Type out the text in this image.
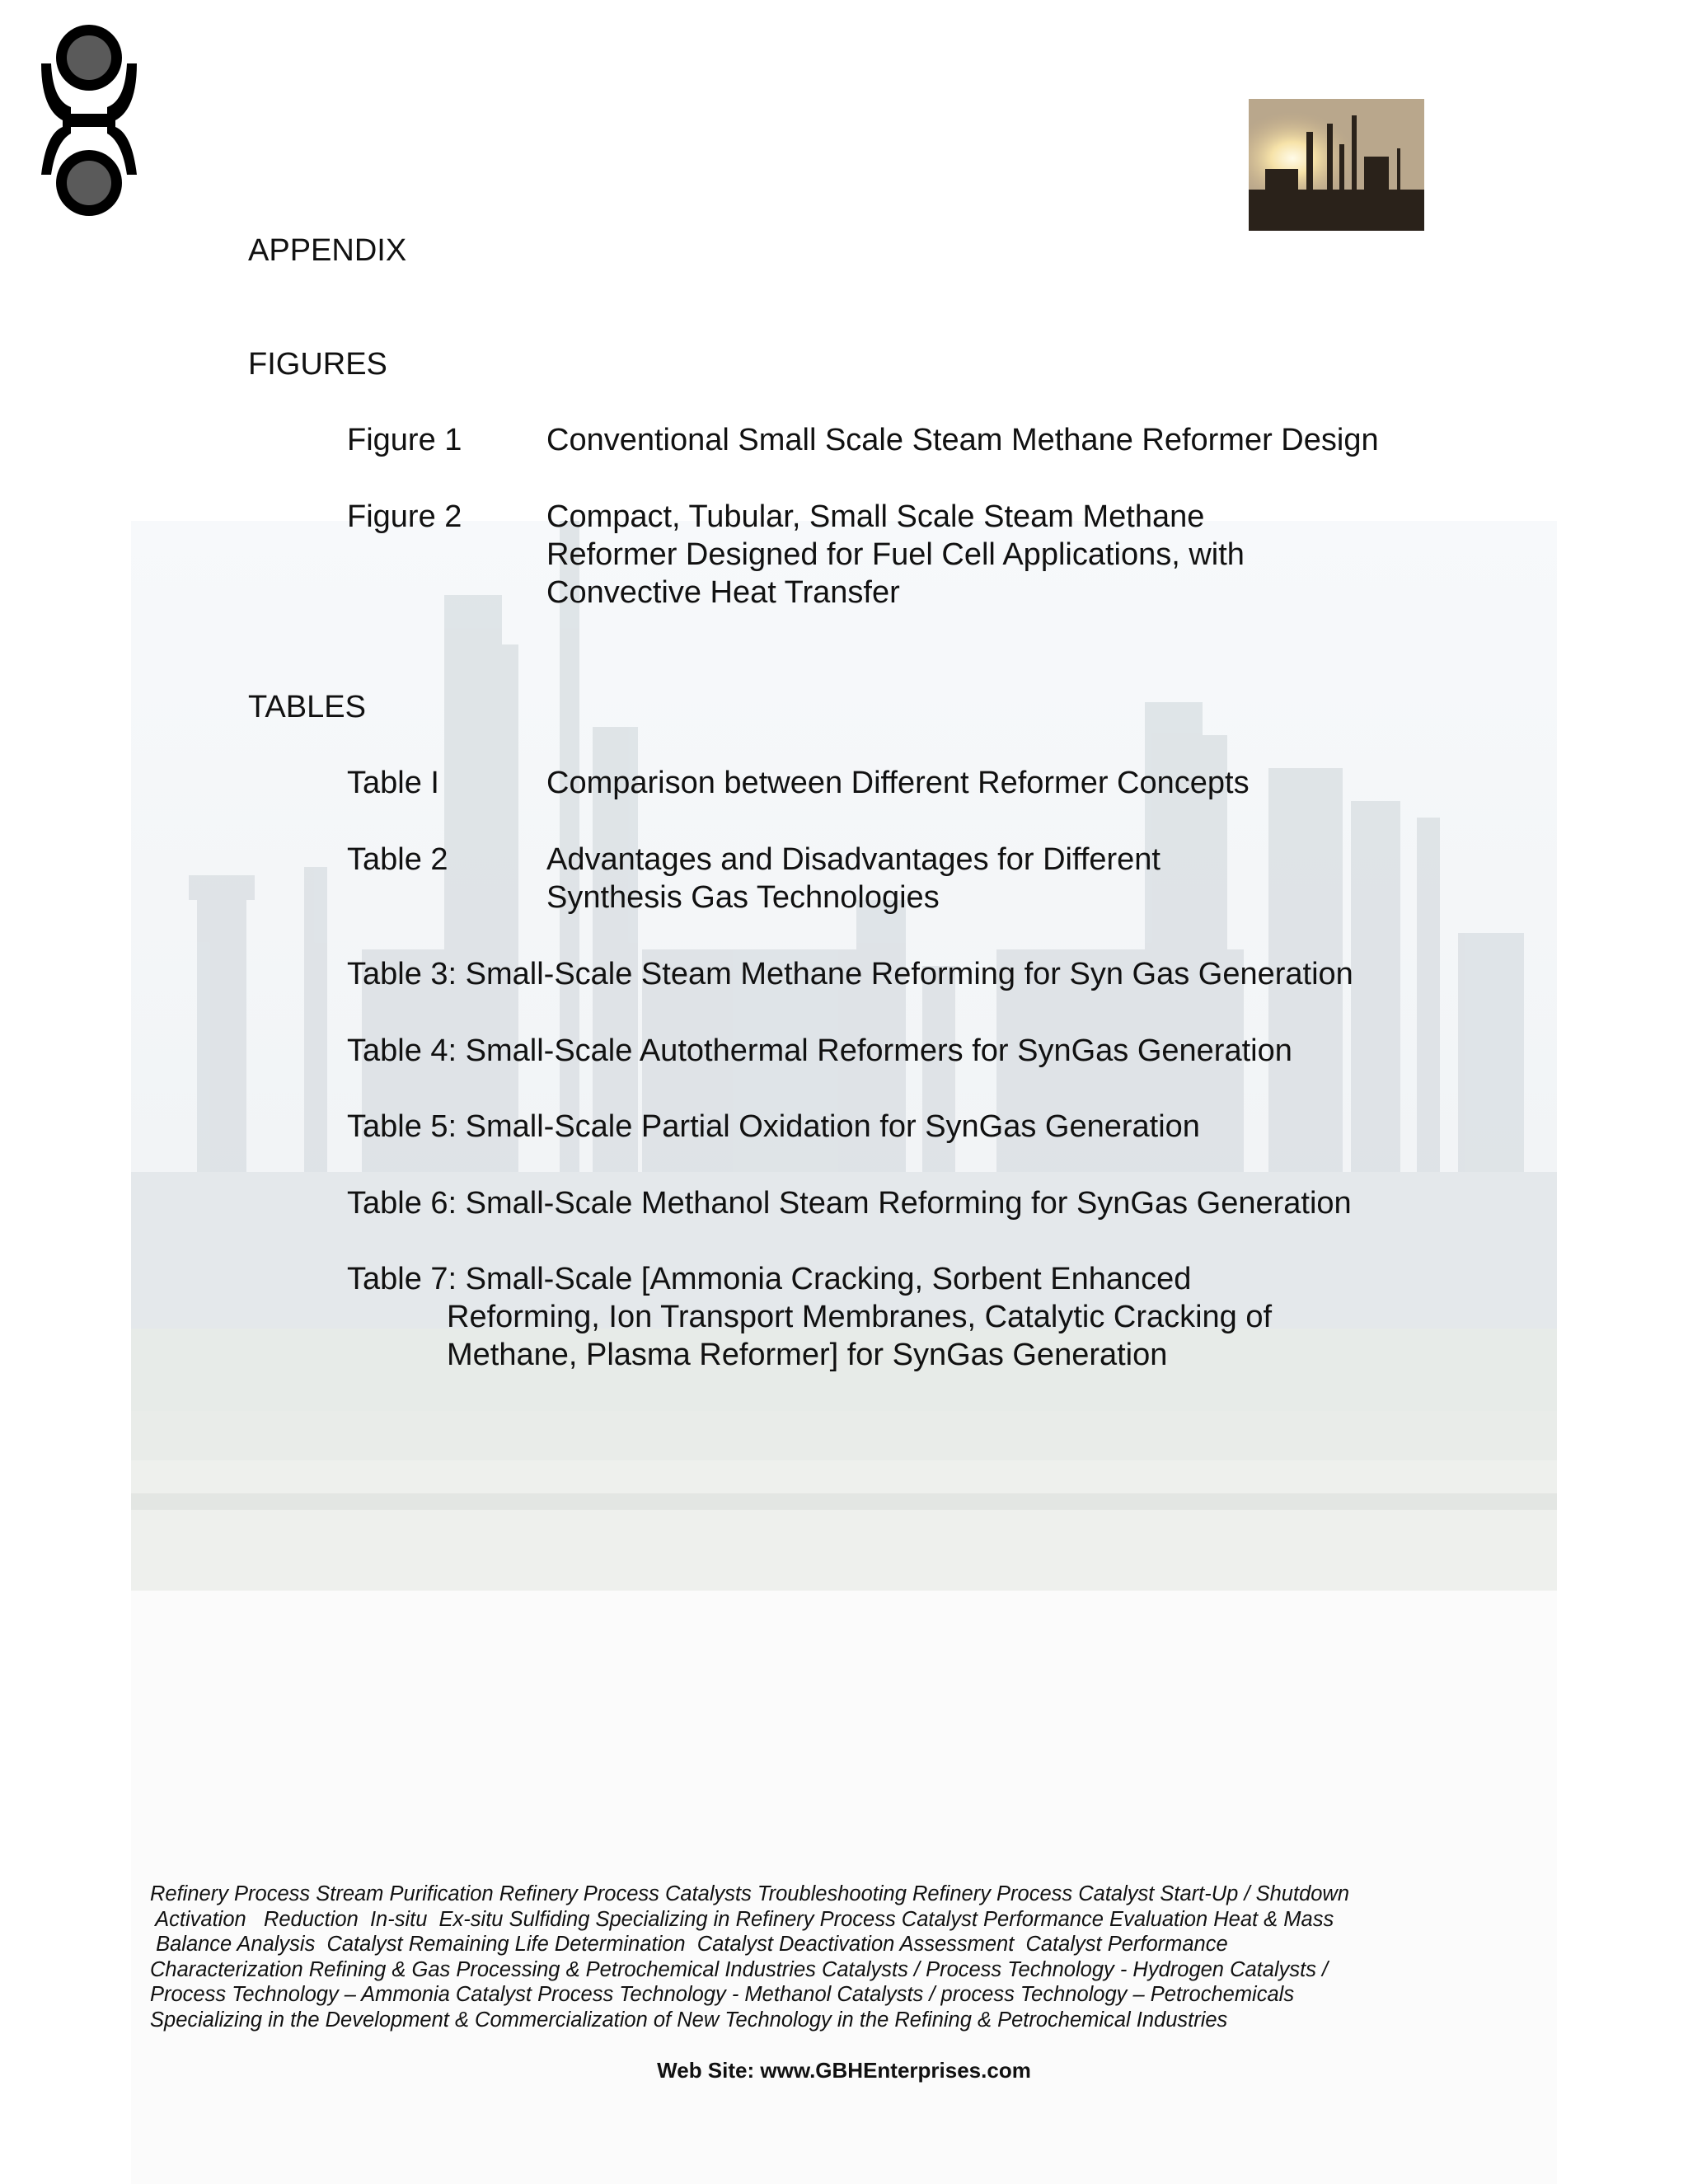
APPENDIX
FIGURES
Figure 1	Conventional Small Scale Steam Methane Reformer Design
Figure 2	Compact, Tubular, Small Scale Steam Methane
Reformer Designed for Fuel Cell Applications, with
Convective Heat Transfer
TABLES
Table I	Comparison between Different Reformer Concepts
Table 2	Advantages and Disadvantages for Different
Synthesis Gas Technologies
Table 3: Small-Scale Steam Methane Reforming for Syn Gas Generation
Table 4: Small-Scale Autothermal Reformers for SynGas Generation
Table 5: Small-Scale Partial Oxidation for SynGas Generation
Table 6: Small-Scale Methanol Steam Reforming for SynGas Generation
Table 7: Small-Scale [Ammonia Cracking, Sorbent Enhanced
Reforming, Ion Transport Membranes, Catalytic Cracking of
Methane, Plasma Reformer] for SynGas Generation
Refinery Process Stream Purification Refinery Process Catalysts Troubleshooting Refinery Process Catalyst Start-Up / Shutdown
Activation   Reduction  In-situ  Ex-situ Sulfiding Specializing in Refinery Process Catalyst Performance Evaluation Heat & Mass
Balance Analysis  Catalyst Remaining Life Determination  Catalyst Deactivation Assessment  Catalyst Performance
Characterization Refining & Gas Processing & Petrochemical Industries Catalysts / Process Technology - Hydrogen Catalysts /
Process Technology – Ammonia Catalyst Process Technology - Methanol Catalysts / process Technology – Petrochemicals
Specializing in the Development & Commercialization of New Technology in the Refining & Petrochemical Industries
Web Site: www.GBHEnterprises.com
